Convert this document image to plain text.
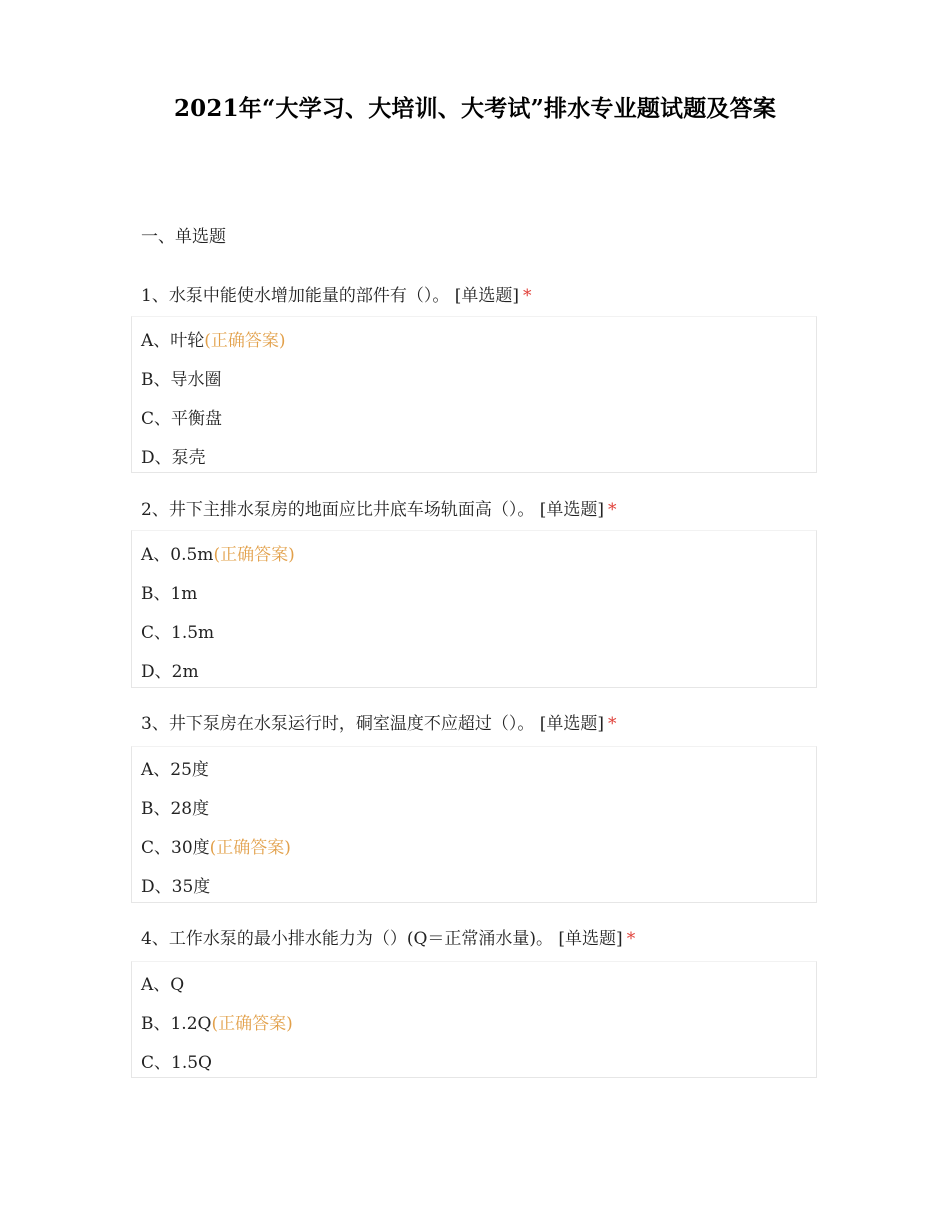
2021年“大学习、大培训、大考试”排水专业题试题及答案
一、单选题
1、水泵中能使水增加能量的部件有（）。 [单选题] *
A、叶轮(正确答案)
B、导水圈
C、平衡盘
D、泵壳
2、井下主排水泵房的地面应比井底车场轨面高（）。 [单选题] *
A、0.5m(正确答案)
B、1m
C、1.5m
D、2m
3、井下泵房在水泵运行时，硐室温度不应超过（）。 [单选题] *
A、25度
B、28度
C、30度(正确答案)
D、35度
4、工作水泵的最小排水能力为（）(Q＝正常涌水量)。 [单选题] *
A、Q
B、1.2Q(正确答案)
C、1.5Q
